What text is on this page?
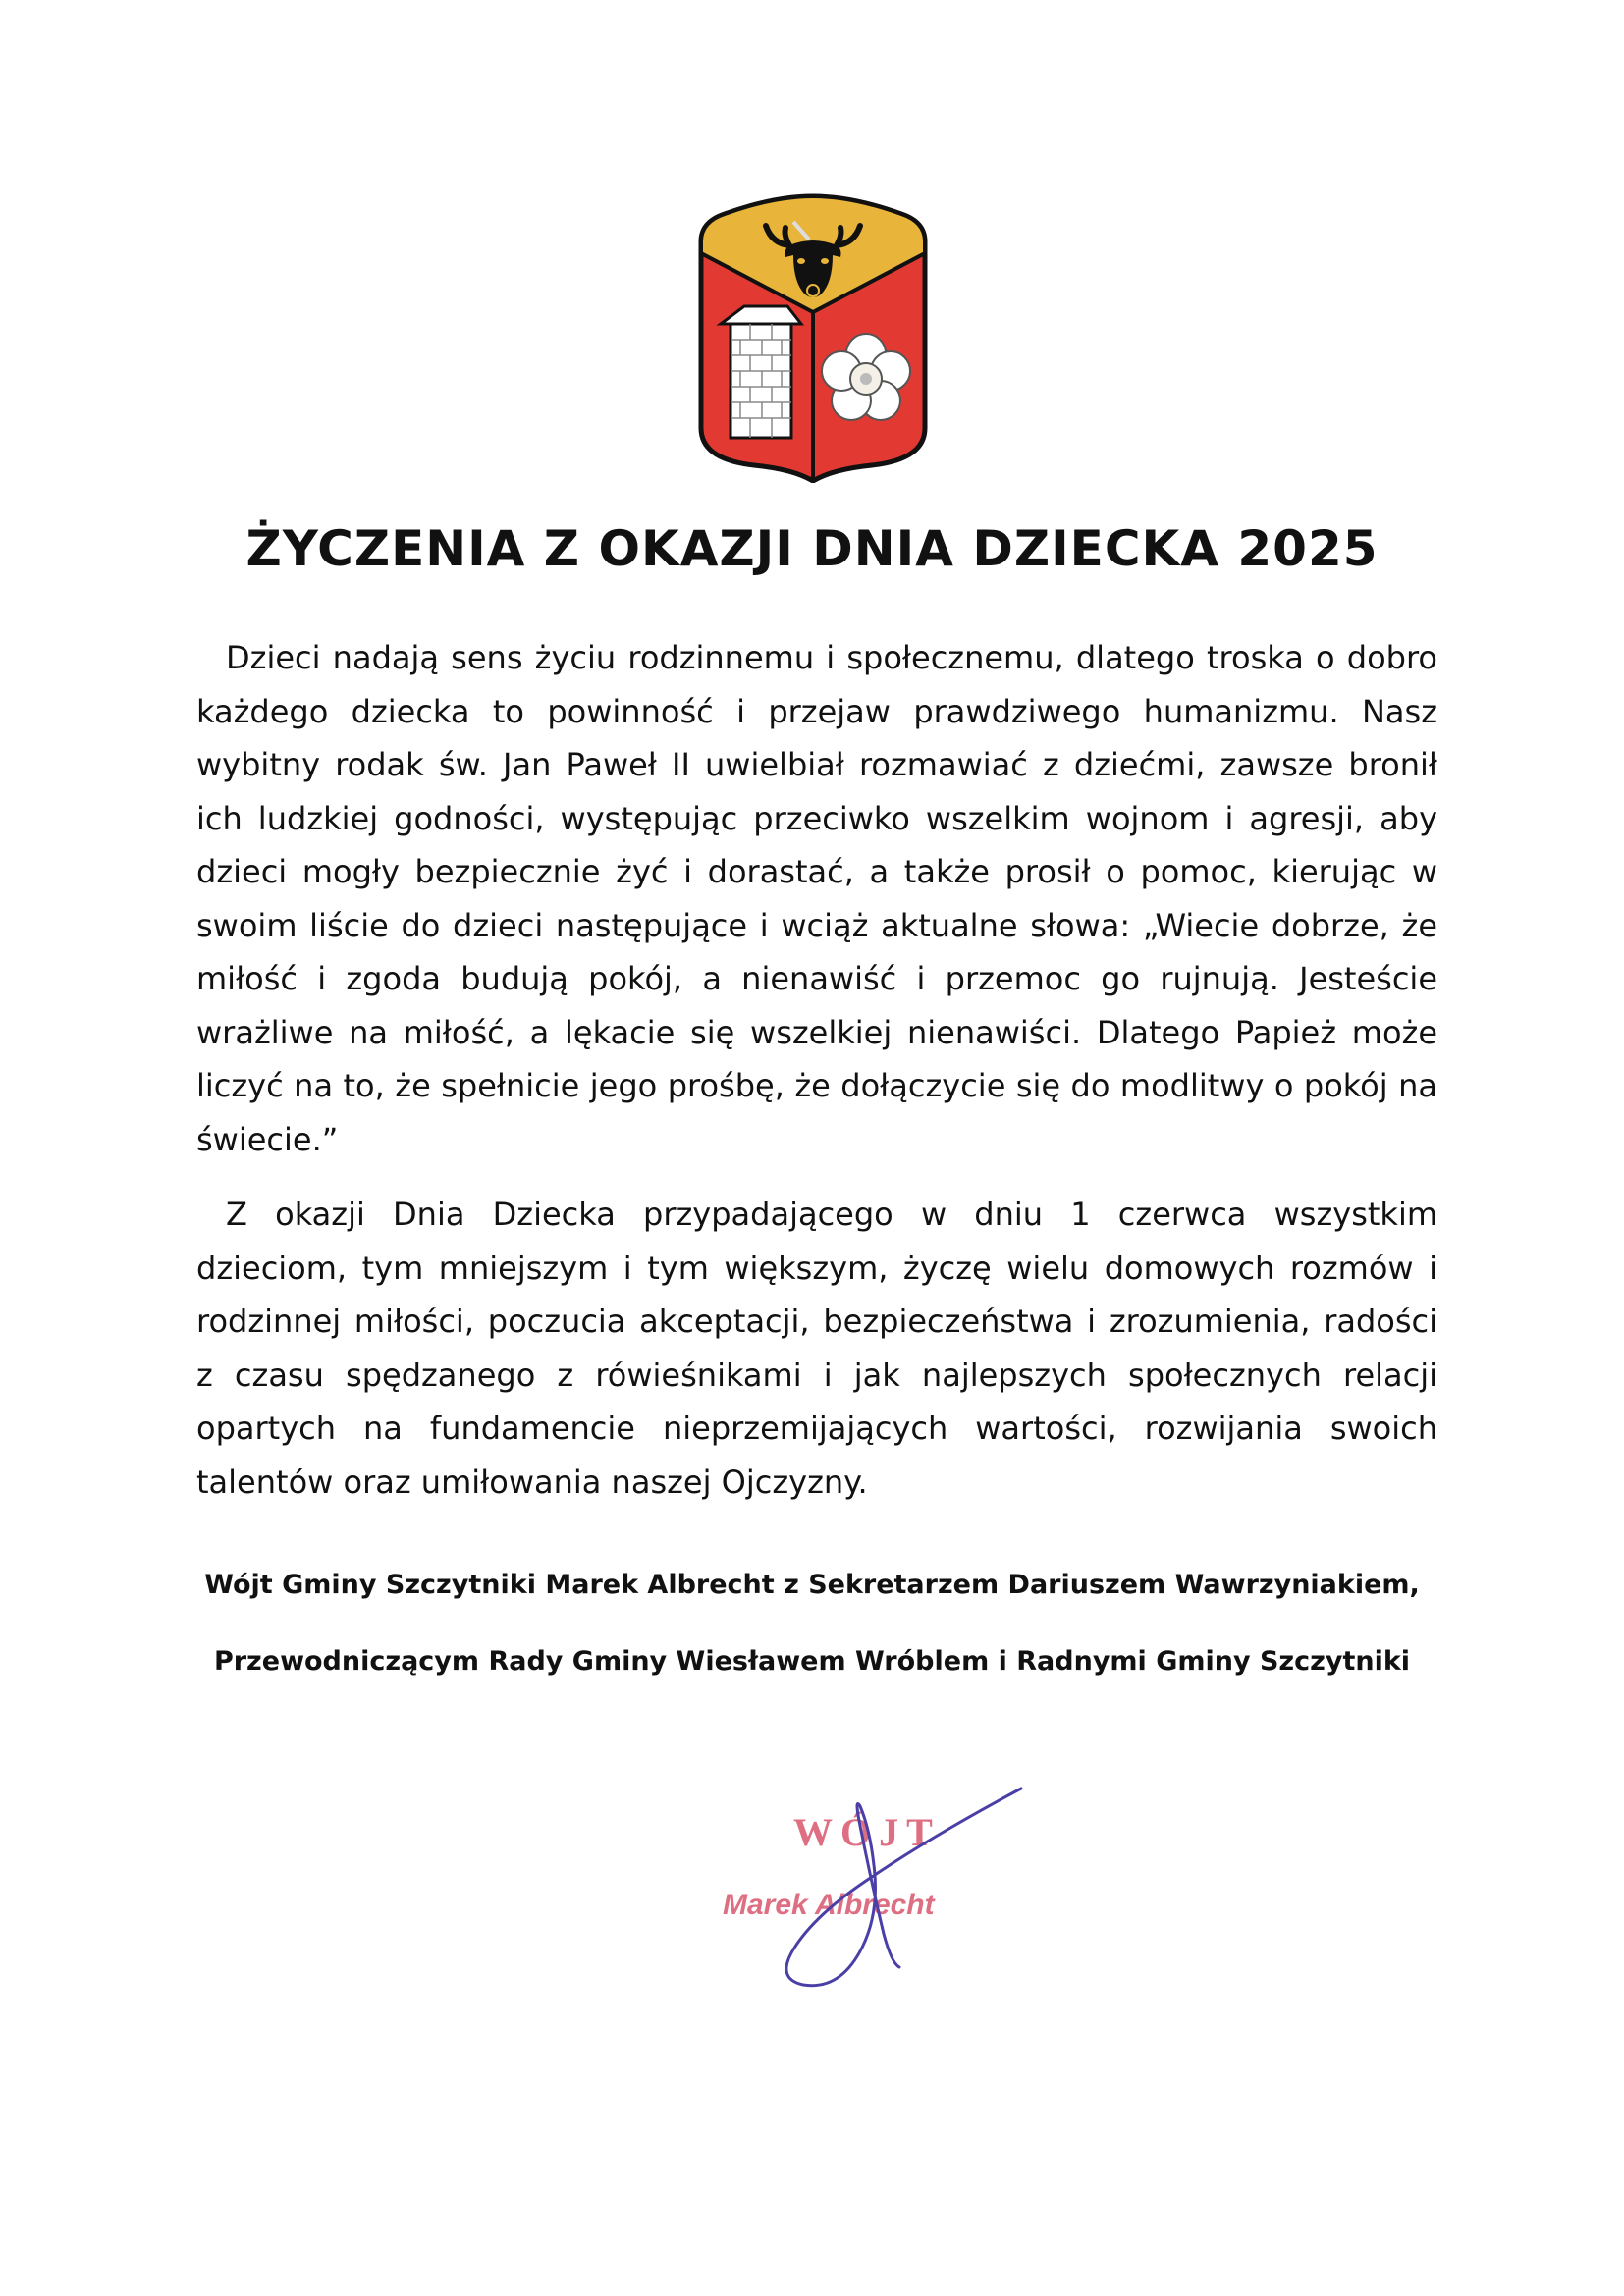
ŻYCZENIA Z OKAZJI DNIA DZIECKA 2025

Dzieci nadają sens życiu rodzinnemu i społecznemu, dlatego troska o dobro każdego dziecka to powinność i przejaw prawdziwego humanizmu. Nasz wybitny rodak św. Jan Paweł II uwielbiał rozmawiać z dziećmi, zawsze bronił ich ludzkiej godności, występując przeciwko wszelkim wojnom i agresji, aby dzieci mogły bezpiecznie żyć i dorastać, a także prosił o pomoc, kierując w swoim liście do dzieci następujące i wciąż aktualne słowa: „Wiecie dobrze, że miłość i zgoda budują pokój, a nienawiść i przemoc go rujnują. Jesteście wrażliwe na miłość, a lękacie się wszelkiej nienawiści. Dlatego Papież może liczyć na to, że spełnicie jego prośbę, że dołączycie się do modlitwy o pokój na świecie.”

Z okazji Dnia Dziecka przypadającego w dniu 1 czerwca wszystkim dzieciom, tym mniejszym i tym większym, życzę wielu domowych rozmów i rodzinnej miłości, poczucia akceptacji, bezpieczeństwa i zrozumienia, radości z czasu spędzanego z rówieśnikami i jak najlepszych społecznych relacji opartych na fundamencie nieprzemijających wartości, rozwijania swoich talentów oraz umiłowania naszej Ojczyzny.

Wójt Gminy Szczytniki Marek Albrecht z Sekretarzem Dariuszem Wawrzyniakiem,

Przewodniczącym Rady Gminy Wiesławem Wróblem i Radnymi Gminy Szczytniki

WÓJT
Marek Albrecht
